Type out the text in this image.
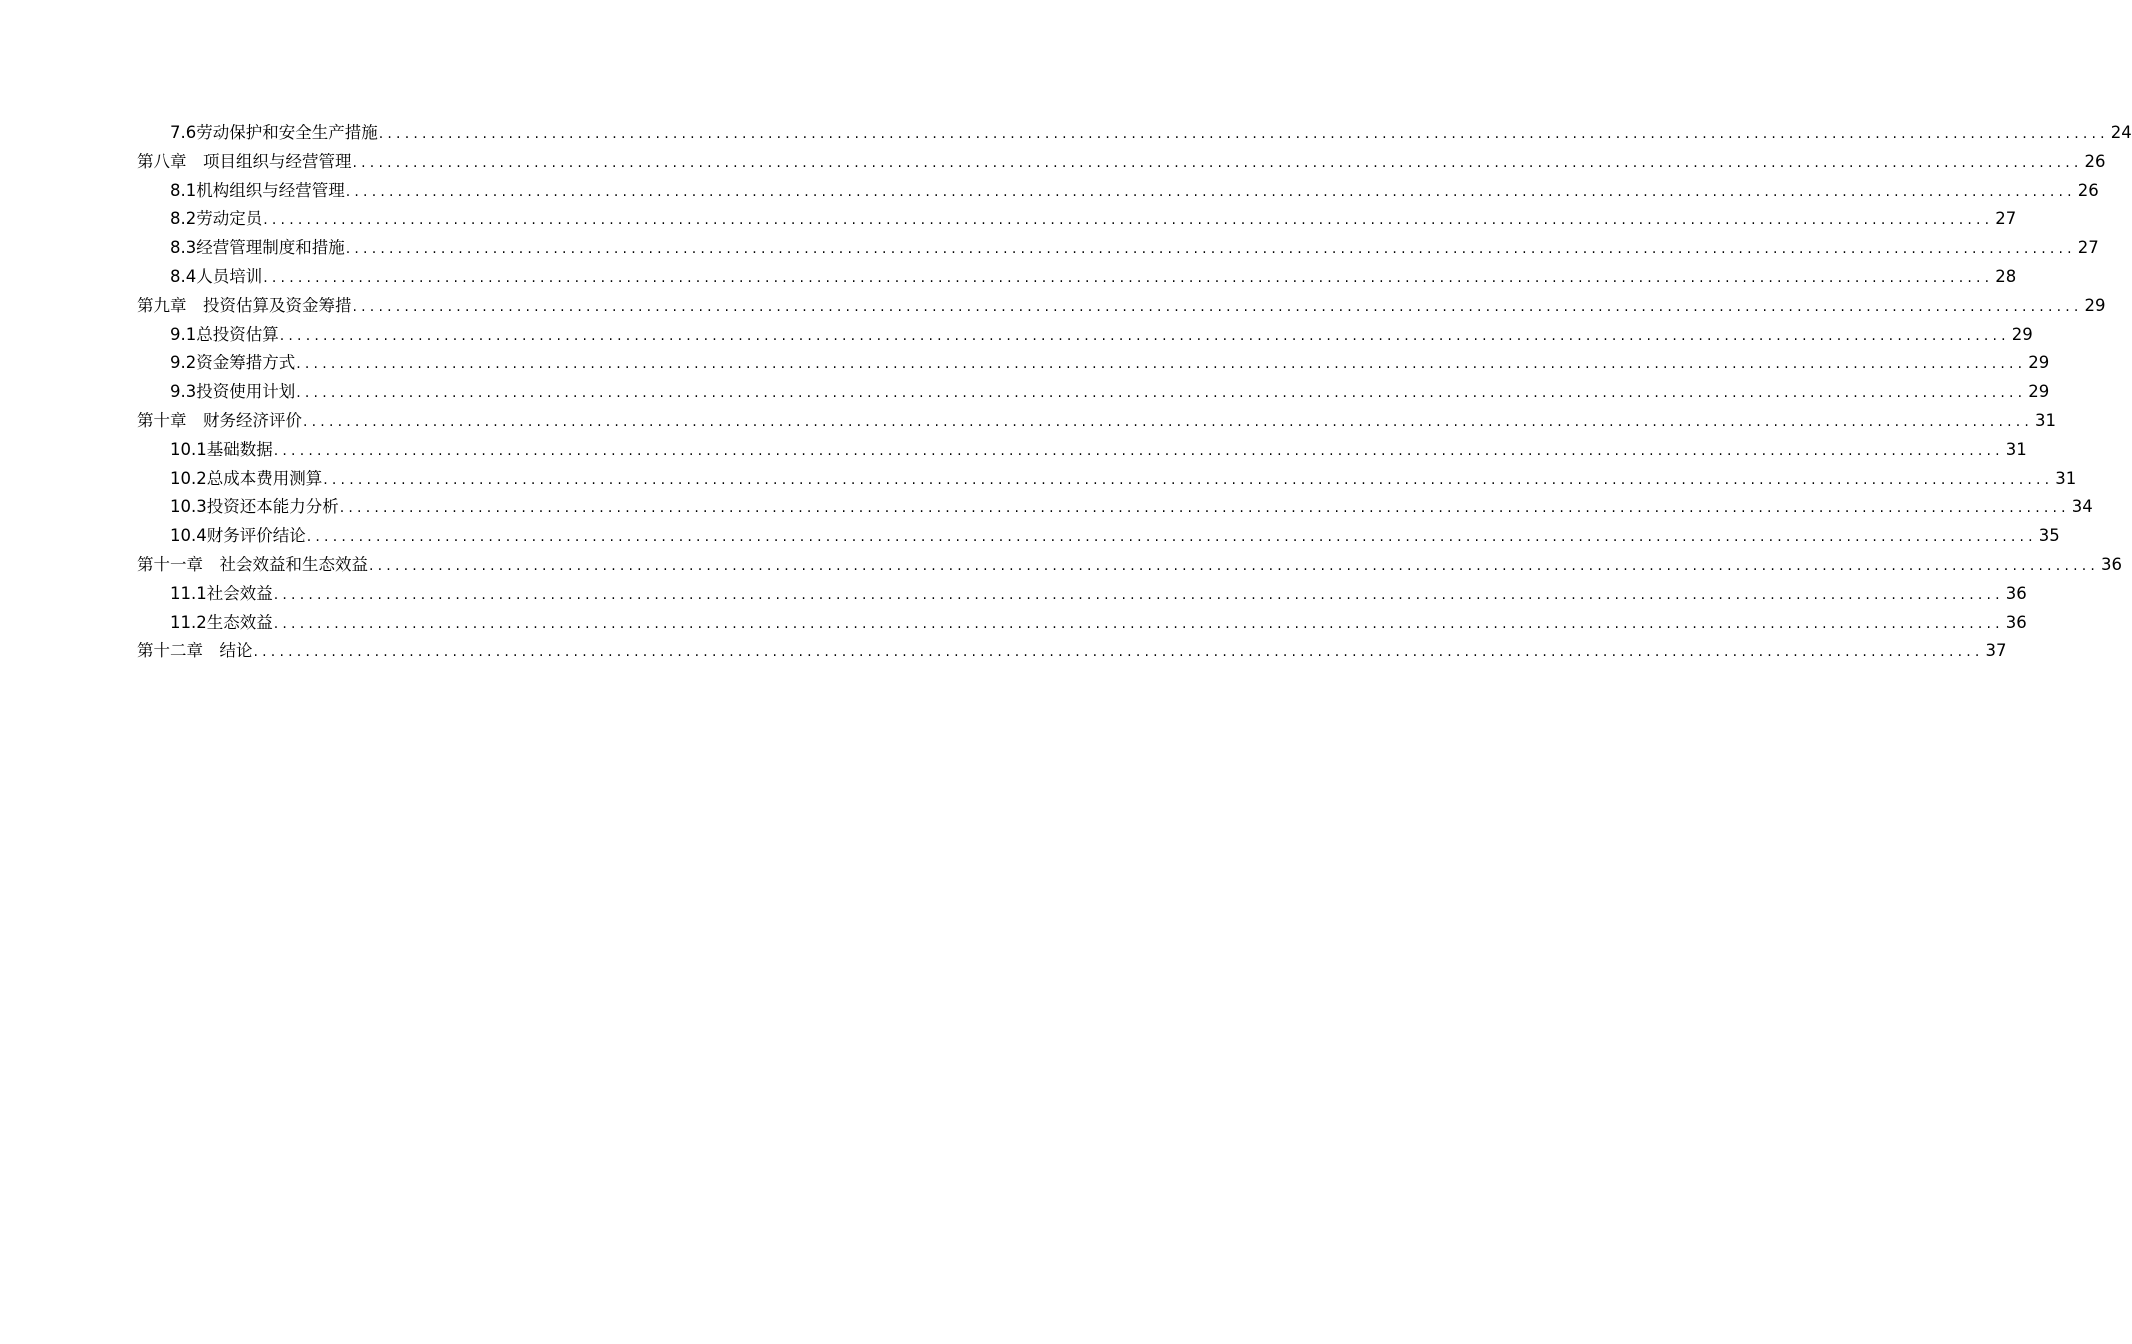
7.6劳动保护和安全生产措施 ........................................................................................................................................................................................................ 24
第八章　项目组织与经营管理 ........................................................................................................................................................................................................ 26
8.1机构组织与经营管理 ........................................................................................................................................................................................................ 26
8.2劳动定员 ........................................................................................................................................................................................................ 27
8.3经营管理制度和措施 ........................................................................................................................................................................................................ 27
8.4人员培训 ........................................................................................................................................................................................................ 28
第九章　投资估算及资金筹措 ........................................................................................................................................................................................................ 29
9.1总投资估算 ........................................................................................................................................................................................................ 29
9.2资金筹措方式 ........................................................................................................................................................................................................ 29
9.3投资使用计划 ........................................................................................................................................................................................................ 29
第十章　财务经济评价 ........................................................................................................................................................................................................ 31
10.1基础数据 ........................................................................................................................................................................................................ 31
10.2总成本费用测算 ........................................................................................................................................................................................................ 31
10.3投资还本能力分析 ........................................................................................................................................................................................................ 34
10.4财务评价结论 ........................................................................................................................................................................................................ 35
第十一章　社会效益和生态效益 ........................................................................................................................................................................................................ 36
11.1社会效益 ........................................................................................................................................................................................................ 36
11.2生态效益 ........................................................................................................................................................................................................ 36
第十二章　结论 ........................................................................................................................................................................................................ 37
